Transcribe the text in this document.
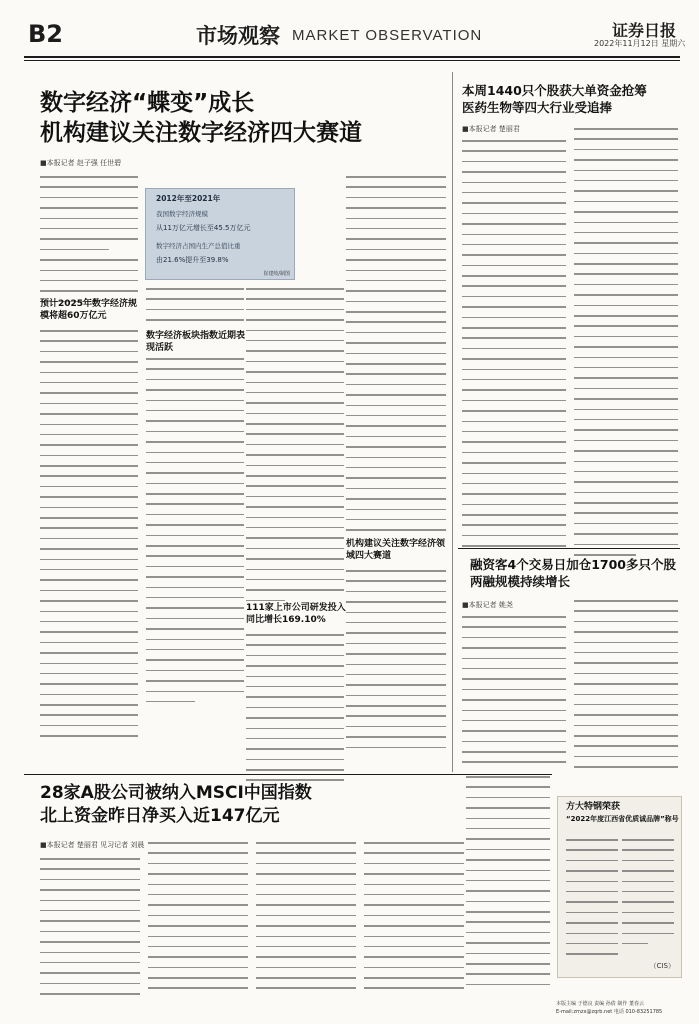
B2	市场观察 MARKET OBSERVATION	证券日报
2022年11月12日 星期六
数字经济“蝶变”成长
机构建议关注数字经济四大赛道
■本报记者 赵子强 任世碧
预计2025年数字经济规模将超60万亿元
2012年至2021年
我国数字经济规模
从11万亿元增长至45.5万亿元
数字经济占国内生产总值比重
由21.6%提升至39.8%
崔建岐/制图
数字经济板块指数近期表现活跃
111家上市公司研发投入同比增长169.10%
机构建议关注数字经济领域四大赛道
本周1440只个股获大单资金抢筹
医药生物等四大行业受追捧
■本报记者 楚丽君
融资客4个交易日加仓1700多只个股
两融规模持续增长
■本报记者 姚尧
28家A股公司被纳入MSCI中国指数
北上资金昨日净买入近147亿元
■本报记者 楚丽君 见习记者 刘晨
方大特钢荣获
“2022年度江西省优质诚品牌”称号
（CIS）
本版主编 于德良 责编 孙倩 制作 董春云
E-mail:zmzx@zqrb.net 电话 010-83251785
